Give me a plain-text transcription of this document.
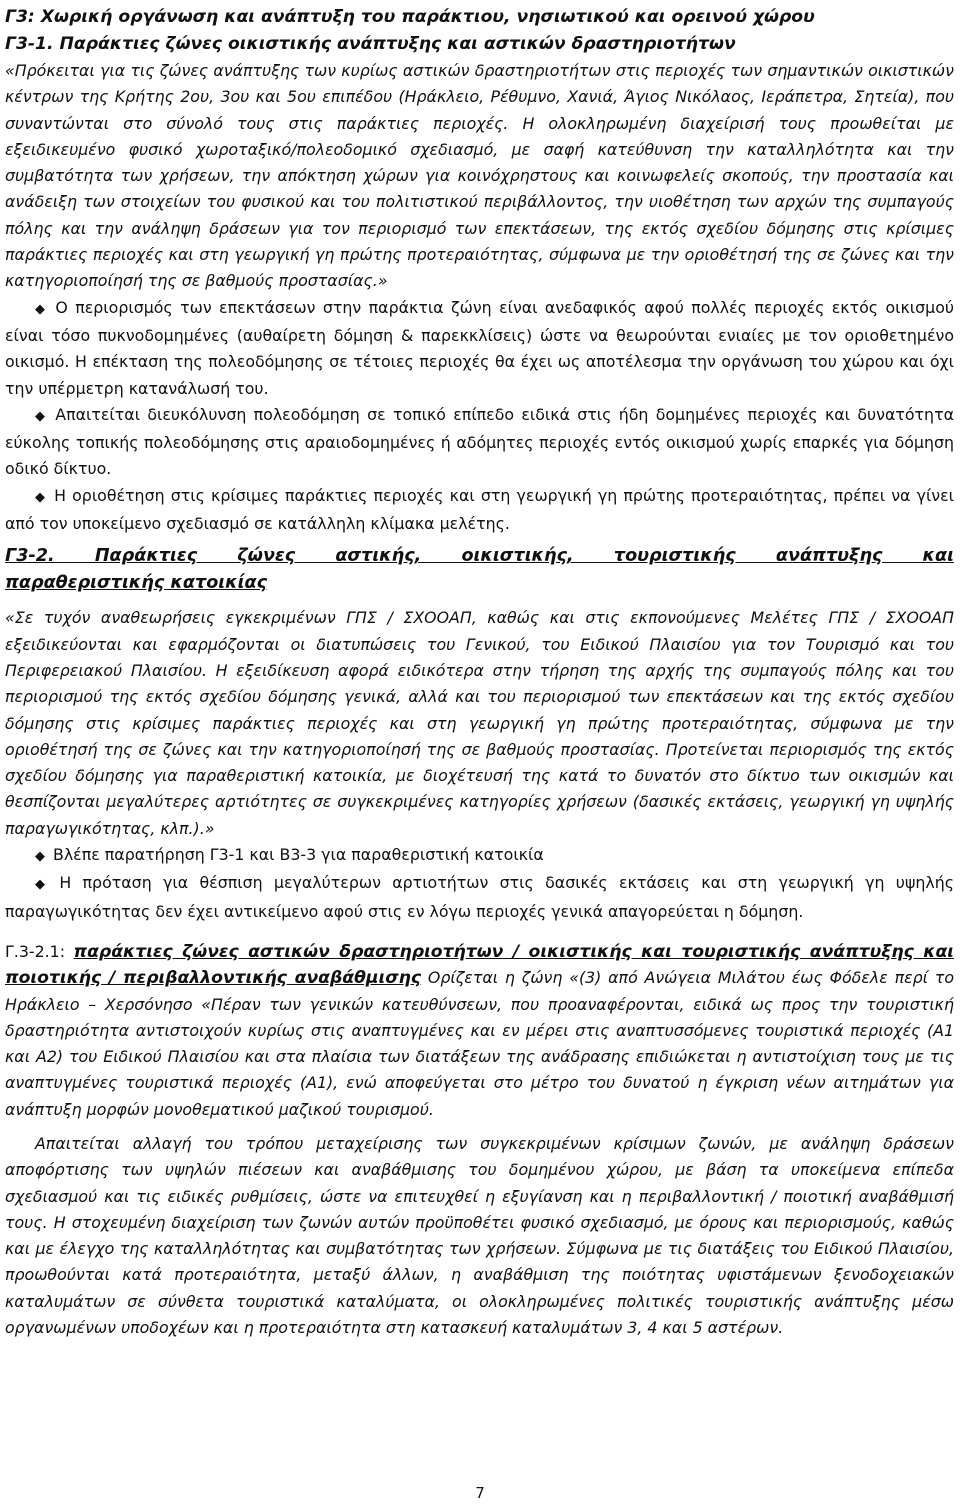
Γ3: Χωρική οργάνωση και ανάπτυξη του παράκτιου, νησιωτικού και ορεινού χώρου

Γ3-1. Παράκτιες ζώνες οικιστικής ανάπτυξης και αστικών δραστηριοτήτων

«Πρόκειται για τις ζώνες ανάπτυξης των κυρίως αστικών δραστηριοτήτων στις περιοχές των σημαντικών οικιστικών κέντρων της Κρήτης 2ου, 3ου και 5ου επιπέδου (Ηράκλειο, Ρέθυμνο, Χανιά, Άγιος Νικόλαος, Ιεράπετρα, Σητεία), που συναντώνται στο σύνολό τους στις παράκτιες περιοχές. Η ολοκληρωμένη διαχείρισή τους προωθείται με εξειδικευμένο φυσικό χωροταξικό/πολεοδομικό σχεδιασμό, με σαφή κατεύθυνση την καταλληλότητα και την συμβατότητα των χρήσεων, την απόκτηση χώρων για κοινόχρηστους και κοινωφελείς σκοπούς, την προστασία και ανάδειξη των στοιχείων του φυσικού και του πολιτιστικού περιβάλλοντος, την υιοθέτηση των αρχών της συμπαγούς πόλης και την ανάληψη δράσεων για τον περιορισμό των επεκτάσεων, της εκτός σχεδίου δόμησης στις κρίσιμες παράκτιες περιοχές και στη γεωργική γη πρώτης προτεραιότητας, σύμφωνα με την οριοθέτησή της σε ζώνες και την κατηγοριοποίησή της σε βαθμούς προστασίας.»

◆ Ο περιορισμός των επεκτάσεων στην παράκτια ζώνη είναι ανεδαφικός αφού πολλές περιοχές εκτός οικισμού είναι τόσο πυκνοδομημένες (αυθαίρετη δόμηση & παρεκκλίσεις) ώστε να θεωρούνται ενιαίες με τον οριοθετημένο οικισμό. Η επέκταση της πολεοδόμησης σε τέτοιες περιοχές θα έχει ως αποτέλεσμα την οργάνωση του χώρου και όχι την υπέρμετρη κατανάλωσή του.

◆ Απαιτείται διευκόλυνση πολεοδόμηση σε τοπικό επίπεδο ειδικά στις ήδη δομημένες περιοχές και δυνατότητα εύκολης τοπικής πολεοδόμησης στις αραιοδομημένες ή αδόμητες περιοχές εντός οικισμού χωρίς επαρκές για δόμηση οδικό δίκτυο.

◆ Η οριοθέτηση στις κρίσιμες παράκτιες περιοχές και στη γεωργική γη πρώτης προτεραιότητας, πρέπει να γίνει από τον υποκείμενο σχεδιασμό σε κατάλληλη κλίμακα μελέτης.

Γ3-2. Παράκτιες ζώνες αστικής, οικιστικής, τουριστικής ανάπτυξης και

παραθεριστικής κατοικίας

«Σε τυχόν αναθεωρήσεις εγκεκριμένων ΓΠΣ / ΣΧΟΟΑΠ, καθώς και στις εκπονούμενες Μελέτες ΓΠΣ / ΣΧΟΟΑΠ εξειδικεύονται και εφαρμόζονται οι διατυπώσεις του Γενικού, του Ειδικού Πλαισίου για τον Τουρισμό και του Περιφερειακού Πλαισίου. Η εξειδίκευση αφορά ειδικότερα στην τήρηση της αρχής της συμπαγούς πόλης και του περιορισμού της εκτός σχεδίου δόμησης γενικά, αλλά και του περιορισμού των επεκτάσεων και της εκτός σχεδίου δόμησης στις κρίσιμες παράκτιες περιοχές και στη γεωργική γη πρώτης προτεραιότητας, σύμφωνα με την οριοθέτησή της σε ζώνες και την κατηγοριοποίησή της σε βαθμούς προστασίας. Προτείνεται περιορισμός της εκτός σχεδίου δόμησης για παραθεριστική κατοικία, με διοχέτευσή της κατά το δυνατόν στο δίκτυο των οικισμών και θεσπίζονται μεγαλύτερες αρτιότητες σε συγκεκριμένες κατηγορίες χρήσεων (δασικές εκτάσεις, γεωργική γη υψηλής παραγωγικότητας, κλπ.).»

◆ Βλέπε παρατήρηση Γ3-1 και Β3-3 για παραθεριστική κατοικία

◆ Η πρόταση για θέσπιση μεγαλύτερων αρτιοτήτων στις δασικές εκτάσεις και στη γεωργική γη υψηλής παραγωγικότητας δεν έχει αντικείμενο αφού στις εν λόγω περιοχές γενικά απαγορεύεται η δόμηση.

Γ.3-2.1: παράκτιες ζώνες αστικών δραστηριοτήτων / οικιστικής και τουριστικής ανάπτυξης και ποιοτικής / περιβαλλοντικής αναβάθμισης Ορίζεται η ζώνη «(3) από Ανώγεια Μιλάτου έως Φόδελε περί το Ηράκλειο – Χερσόνησο «Πέραν των γενικών κατευθύνσεων, που προαναφέρονται, ειδικά ως προς την τουριστική δραστηριότητα αντιστοιχούν κυρίως στις αναπτυγμένες και εν μέρει στις αναπτυσσόμενες τουριστικά περιοχές (Α1 και Α2) του Ειδικού Πλαισίου και στα πλαίσια των διατάξεων της ανάδρασης επιδιώκεται η αντιστοίχιση τους με τις αναπτυγμένες τουριστικά περιοχές (Α1), ενώ αποφεύγεται στο μέτρο του δυνατού η έγκριση νέων αιτημάτων για ανάπτυξη μορφών μονοθεματικού μαζικού τουρισμού.

Απαιτείται αλλαγή του τρόπου μεταχείρισης των συγκεκριμένων κρίσιμων ζωνών, με ανάληψη δράσεων αποφόρτισης των υψηλών πιέσεων και αναβάθμισης του δομημένου χώρου, με βάση τα υποκείμενα επίπεδα σχεδιασμού και τις ειδικές ρυθμίσεις, ώστε να επιτευχθεί η εξυγίανση και η περιβαλλοντική / ποιοτική αναβάθμισή τους. Η στοχευμένη διαχείριση των ζωνών αυτών προϋποθέτει φυσικό σχεδιασμό, με όρους και περιορισμούς, καθώς και με έλεγχο της καταλληλότητας και συμβατότητας των χρήσεων. Σύμφωνα με τις διατάξεις του Ειδικού Πλαισίου, προωθούνται κατά προτεραιότητα, μεταξύ άλλων, η αναβάθμιση της ποιότητας υφιστάμενων ξενοδοχειακών καταλυμάτων σε σύνθετα τουριστικά καταλύματα, οι ολοκληρωμένες πολιτικές τουριστικής ανάπτυξης μέσω οργανωμένων υποδοχέων και η προτεραιότητα στη κατασκευή καταλυμάτων 3, 4 και 5 αστέρων.

7
